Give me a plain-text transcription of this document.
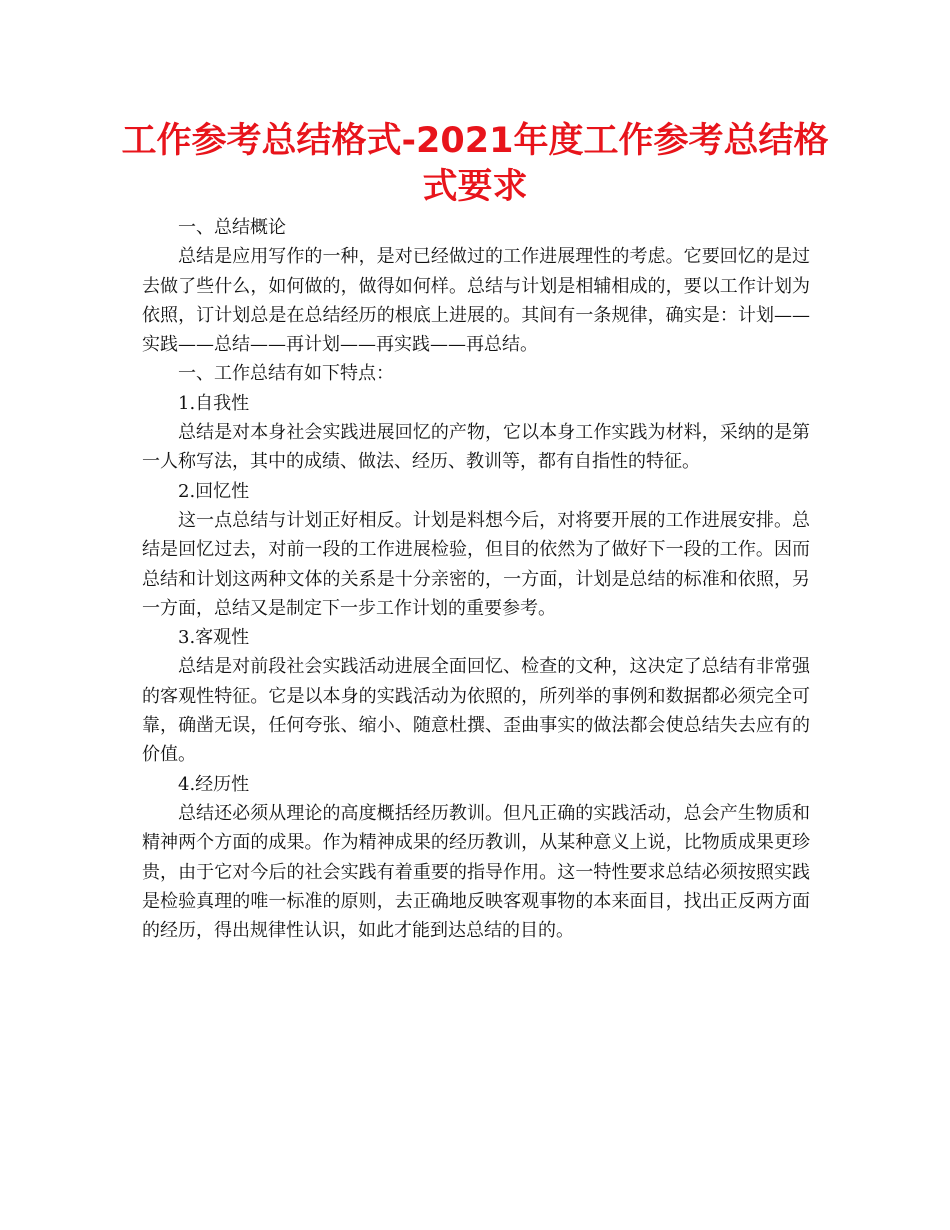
工作参考总结格式-2021年度工作参考总结格式要求

一、总结概论

总结是应用写作的一种，是对已经做过的工作进展理性的考虑。它要回忆的是过去做了些什么，如何做的，做得如何样。总结与计划是相辅相成的，要以工作计划为依照，订计划总是在总结经历的根底上进展的。其间有一条规律，确实是：计划——实践——总结——再计划——再实践——再总结。

一、工作总结有如下特点：

1.自我性

总结是对本身社会实践进展回忆的产物，它以本身工作实践为材料，采纳的是第一人称写法，其中的成绩、做法、经历、教训等，都有自指性的特征。

2.回忆性

这一点总结与计划正好相反。计划是料想今后，对将要开展的工作进展安排。总结是回忆过去，对前一段的工作进展检验，但目的依然为了做好下一段的工作。因而总结和计划这两种文体的关系是十分亲密的，一方面，计划是总结的标准和依照，另一方面，总结又是制定下一步工作计划的重要参考。

3.客观性

总结是对前段社会实践活动进展全面回忆、检查的文种，这决定了总结有非常强的客观性特征。它是以本身的实践活动为依照的，所列举的事例和数据都必须完全可靠，确凿无误，任何夸张、缩小、随意杜撰、歪曲事实的做法都会使总结失去应有的价值。

4.经历性

总结还必须从理论的高度概括经历教训。但凡正确的实践活动，总会产生物质和精神两个方面的成果。作为精神成果的经历教训，从某种意义上说，比物质成果更珍贵，由于它对今后的社会实践有着重要的指导作用。这一特性要求总结必须按照实践是检验真理的唯一标准的原则，去正确地反映客观事物的本来面目，找出正反两方面的经历，得出规律性认识，如此才能到达总结的目的。
